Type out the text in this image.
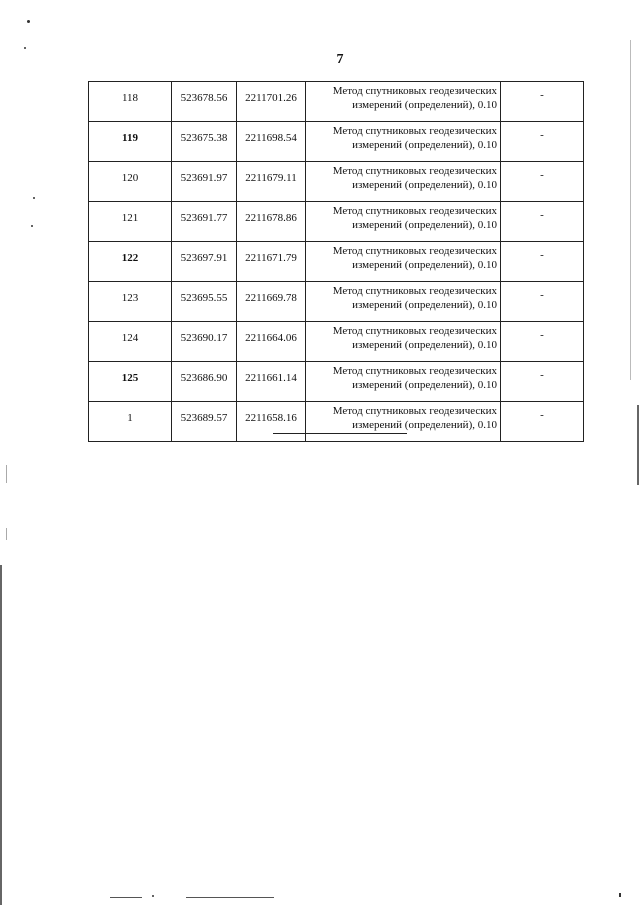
7
118	523678.56	2211701.26	Метод спутниковых геодезических измерений (определений), 0.10	-
119	523675.38	2211698.54	Метод спутниковых геодезических измерений (определений), 0.10	-
120	523691.97	2211679.11	Метод спутниковых геодезических измерений (определений), 0.10	-
121	523691.77	2211678.86	Метод спутниковых геодезических измерений (определений), 0.10	-
122	523697.91	2211671.79	Метод спутниковых геодезических измерений (определений), 0.10	-
123	523695.55	2211669.78	Метод спутниковых геодезических измерений (определений), 0.10	-
124	523690.17	2211664.06	Метод спутниковых геодезических измерений (определений), 0.10	-
125	523686.90	2211661.14	Метод спутниковых геодезических измерений (определений), 0.10	-
1	523689.57	2211658.16	Метод спутниковых геодезических измерений (определений), 0.10	-
